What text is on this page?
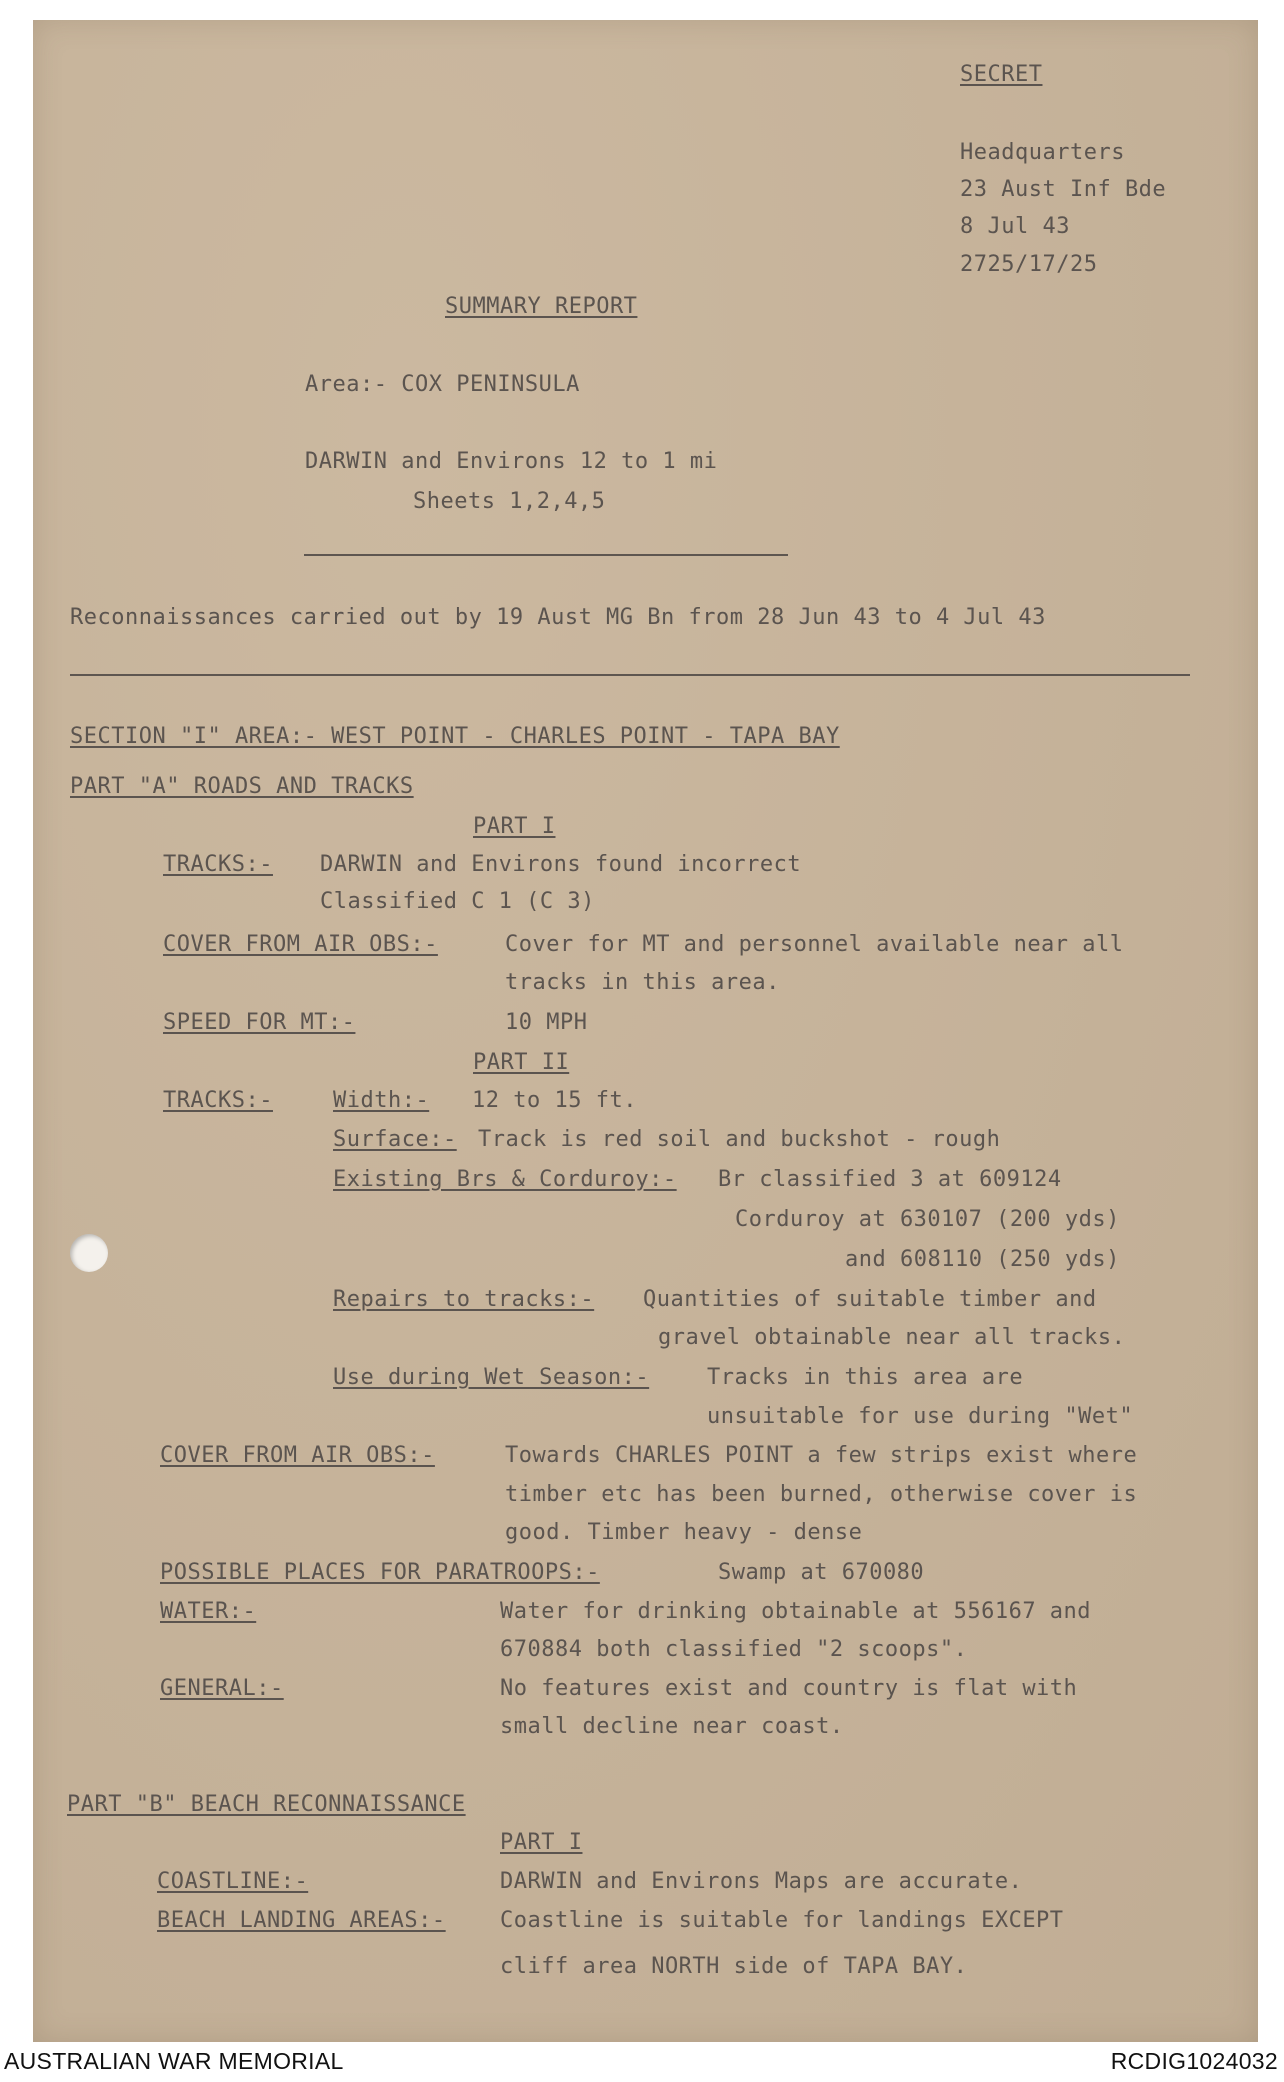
SECRET
Headquarters
23 Aust Inf Bde
8 Jul 43
2725/17/25
SUMMARY REPORT
Area:- COX PENINSULA
DARWIN and Environs 12 to 1 mi
Sheets 1,2,4,5
Reconnaissances carried out by 19 Aust MG Bn from 28 Jun 43 to 4 Jul 43
SECTION "I" AREA:- WEST POINT - CHARLES POINT - TAPA BAY
PART "A" ROADS AND TRACKS
PART I
TRACKS:- DARWIN and Environs found incorrect
Classified C 1 (C 3)
COVER FROM AIR OBS:-	Cover for MT and personnel available near all
tracks in this area.
SPEED FOR MT:-	10 MPH
PART II
TRACKS:-	Width:- 12 to 15 ft.
Surface:- Track is red soil and buckshot - rough
Existing Brs & Corduroy:- Br classified 3 at 609124
Corduroy at 630107 (200 yds)
and 608110 (250 yds)
Repairs to tracks:- Quantities of suitable timber and
gravel obtainable near all tracks.
Use during Wet Season:-	Tracks in this area are
unsuitable for use during "Wet"
COVER FROM AIR OBS:-	Towards CHARLES POINT a few strips exist where
timber etc has been burned, otherwise cover is
good. Timber heavy - dense
POSSIBLE PLACES FOR PARATROOPS:-	Swamp at 670080
WATER:-	Water for drinking obtainable at 556167 and
670884 both classified "2 scoops".
GENERAL:-	No features exist and country is flat with
small decline near coast.
PART "B" BEACH RECONNAISSANCE
PART I
COASTLINE:-	DARWIN and Environs Maps are accurate.
BEACH LANDING AREAS:- Coastline is suitable for landings EXCEPT
cliff area NORTH side of TAPA BAY.
AUSTRALIAN WAR MEMORIAL	RCDIG1024032
